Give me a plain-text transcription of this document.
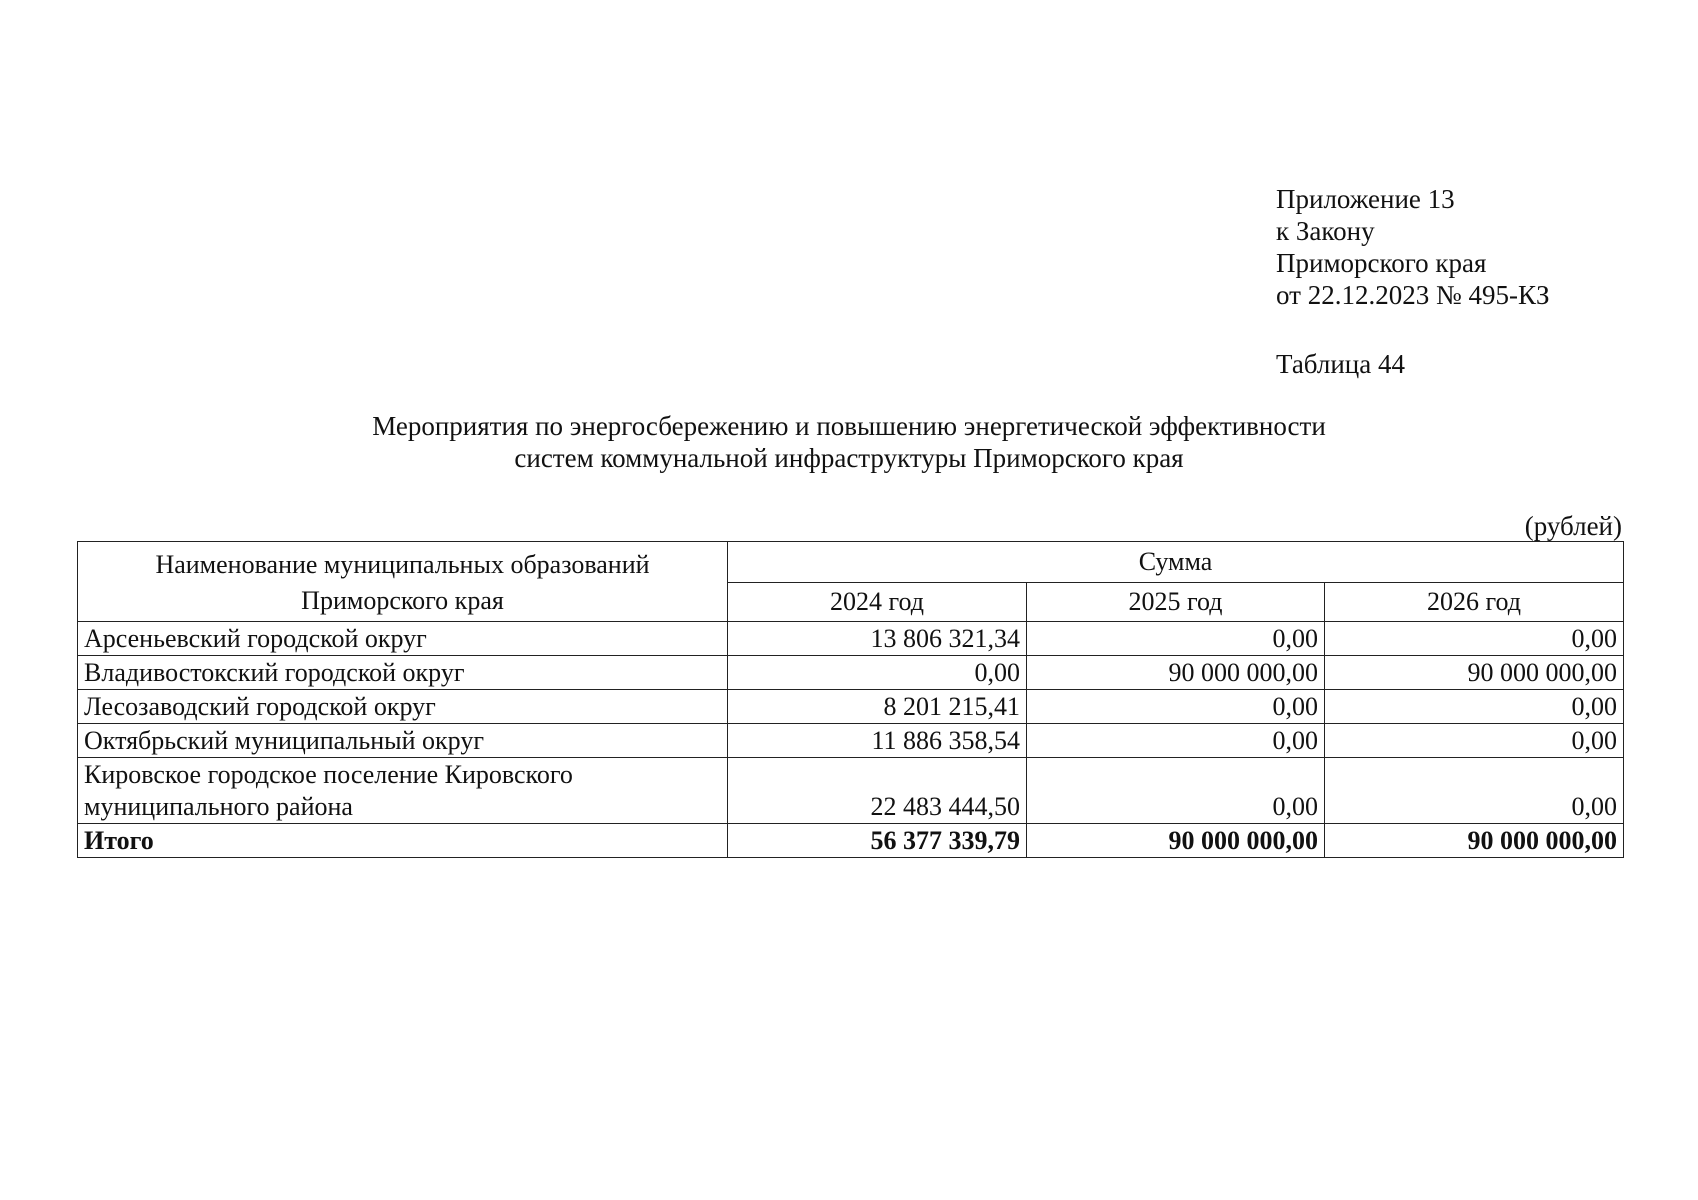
Приложение 13
к Закону
Приморского края
от 22.12.2023 № 495-КЗ
Таблица 44
Мероприятия по энергосбережению и повышению энергетической эффективности
систем коммунальной инфраструктуры Приморского края
(рублей)
Наименование муниципальных образований
Приморского края	Сумма		
	2024 год	2025 год	2026 год
Арсеньевский городской округ	13 806 321,34	0,00	0,00
Владивостокский городской округ	0,00	90 000 000,00	90 000 000,00
Лесозаводский городской округ	8 201 215,41	0,00	0,00
Октябрьский муниципальный округ	11 886 358,54	0,00	0,00

Кировское городское поселение Кировского
муниципального района	22 483 444,50	0,00	0,00
Итого	56 377 339,79	90 000 000,00	90 000 000,00
